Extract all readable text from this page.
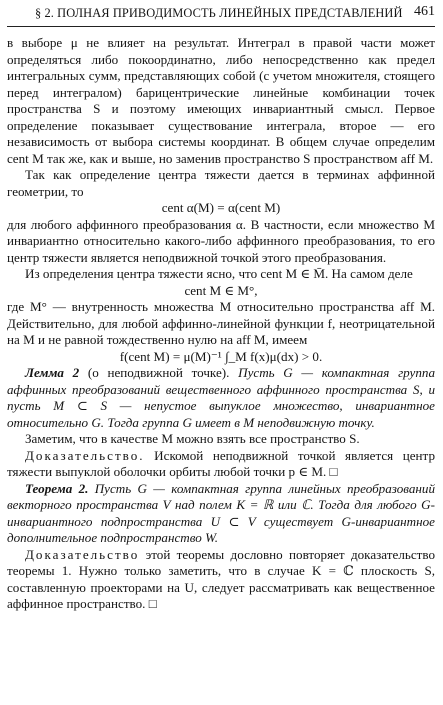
§ 2. ПОЛНАЯ ПРИВОДИМОСТЬ ЛИНЕЙНЫХ ПРЕДСТАВЛЕНИЙ 461

в выборе μ не влияет на результат. Интеграл в правой части может определяться либо покоординатно, либо непосредственно как предел интегральных сумм, представляющих собой (с учетом множителя, стоящего перед интегралом) барицентрические линейные комбинации точек пространства S и поэтому имеющих инвариантный смысл. Первое определение показывает существование интеграла, второе — его независимость от выбора системы координат. В общем случае определим cent M так же, как и выше, но заменив пространство S пространством aff M.

Так как определение центра тяжести дается в терминах аффинной геометрии, то

cent α(M) = α(cent M)

для любого аффинного преобразования α. В частности, если множество M инвариантно относительно какого-либо аффинного преобразования, то его центр тяжести является неподвижной точкой этого преобразования.

Из определения центра тяжести ясно, что cent M ∈ M̄. На самом деле

cent M ∈ M°,

где M° — внутренность множества M относительно пространства aff M. Действительно, для любой аффинно-линейной функции f, неотрицательной на M и не равной тождественно нулю на aff M, имеем

f(cent M) = μ(M)⁻¹ ∫_M f(x)μ(dx) > 0.

Лемма 2 (о неподвижной точке). Пусть G — компактная группа аффинных преобразований вещественного аффинного пространства S, и пусть M ⊂ S — непустое выпуклое множество, инвариантное относительно G. Тогда группа G имеет в M неподвижную точку.

Заметим, что в качестве M можно взять все пространство S.

Доказательство. Искомой неподвижной точкой является центр тяжести выпуклой оболочки орбиты любой точки p ∈ M. □

Теорема 2. Пусть G — компактная группа линейных преобразований векторного пространства V над полем K = ℝ или ℂ. Тогда для любого G-инвариантного подпространства U ⊂ V существует G-инвариантное дополнительное подпространство W.

Доказательство этой теоремы дословно повторяет доказательство теоремы 1. Нужно только заметить, что в случае K = ℂ плоскость S, составленную проекторами на U, следует рассматривать как вещественное аффинное пространство. □
